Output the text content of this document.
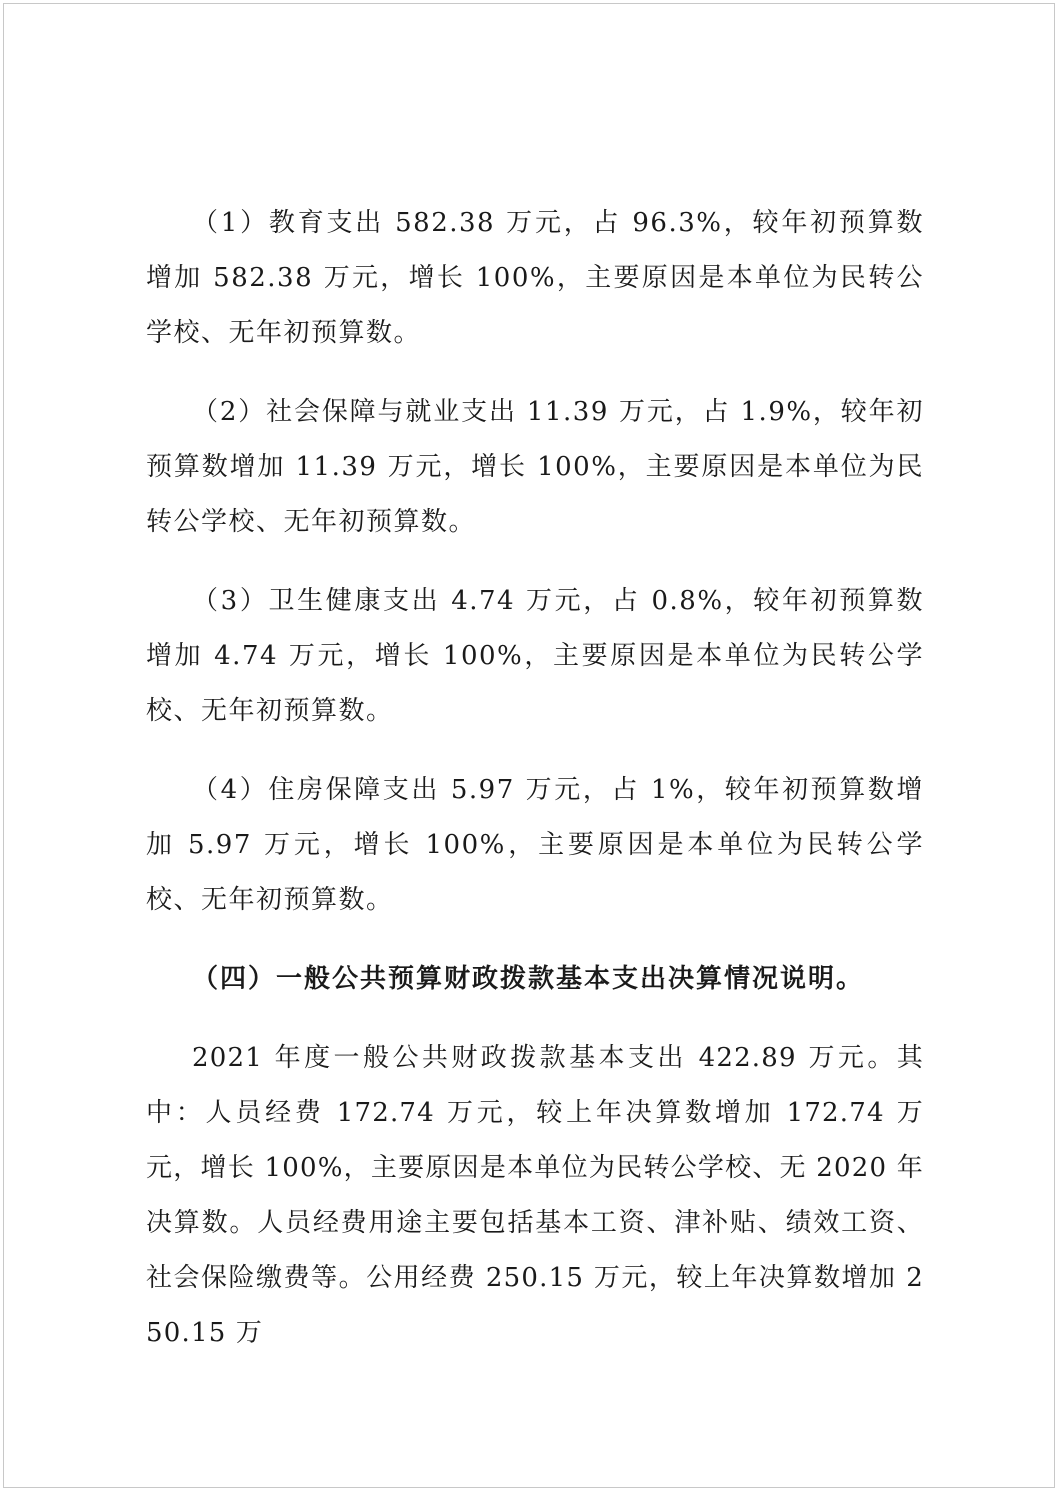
（1）教育支出 582.38 万元，占 96.3%，较年初预算数增加 582.38 万元，增长 100%，主要原因是本单位为民转公学校、无年初预算数。

（2）社会保障与就业支出 11.39 万元，占 1.9%，较年初预算数增加 11.39 万元，增长 100%，主要原因是本单位为民转公学校、无年初预算数。

（3）卫生健康支出 4.74 万元，占 0.8%，较年初预算数增加 4.74 万元，增长 100%，主要原因是本单位为民转公学校、无年初预算数。

（4）住房保障支出 5.97 万元，占 1%，较年初预算数增加 5.97 万元，增长 100%，主要原因是本单位为民转公学校、无年初预算数。

（四）一般公共预算财政拨款基本支出决算情况说明。

2021 年度一般公共财政拨款基本支出 422.89 万元。其中：人员经费 172.74 万元，较上年决算数增加 172.74 万元，增长 100%，主要原因是本单位为民转公学校、无 2020 年决算数。人员经费用途主要包括基本工资、津补贴、绩效工资、社会保险缴费等。公用经费 250.15 万元，较上年决算数增加 250.15 万
